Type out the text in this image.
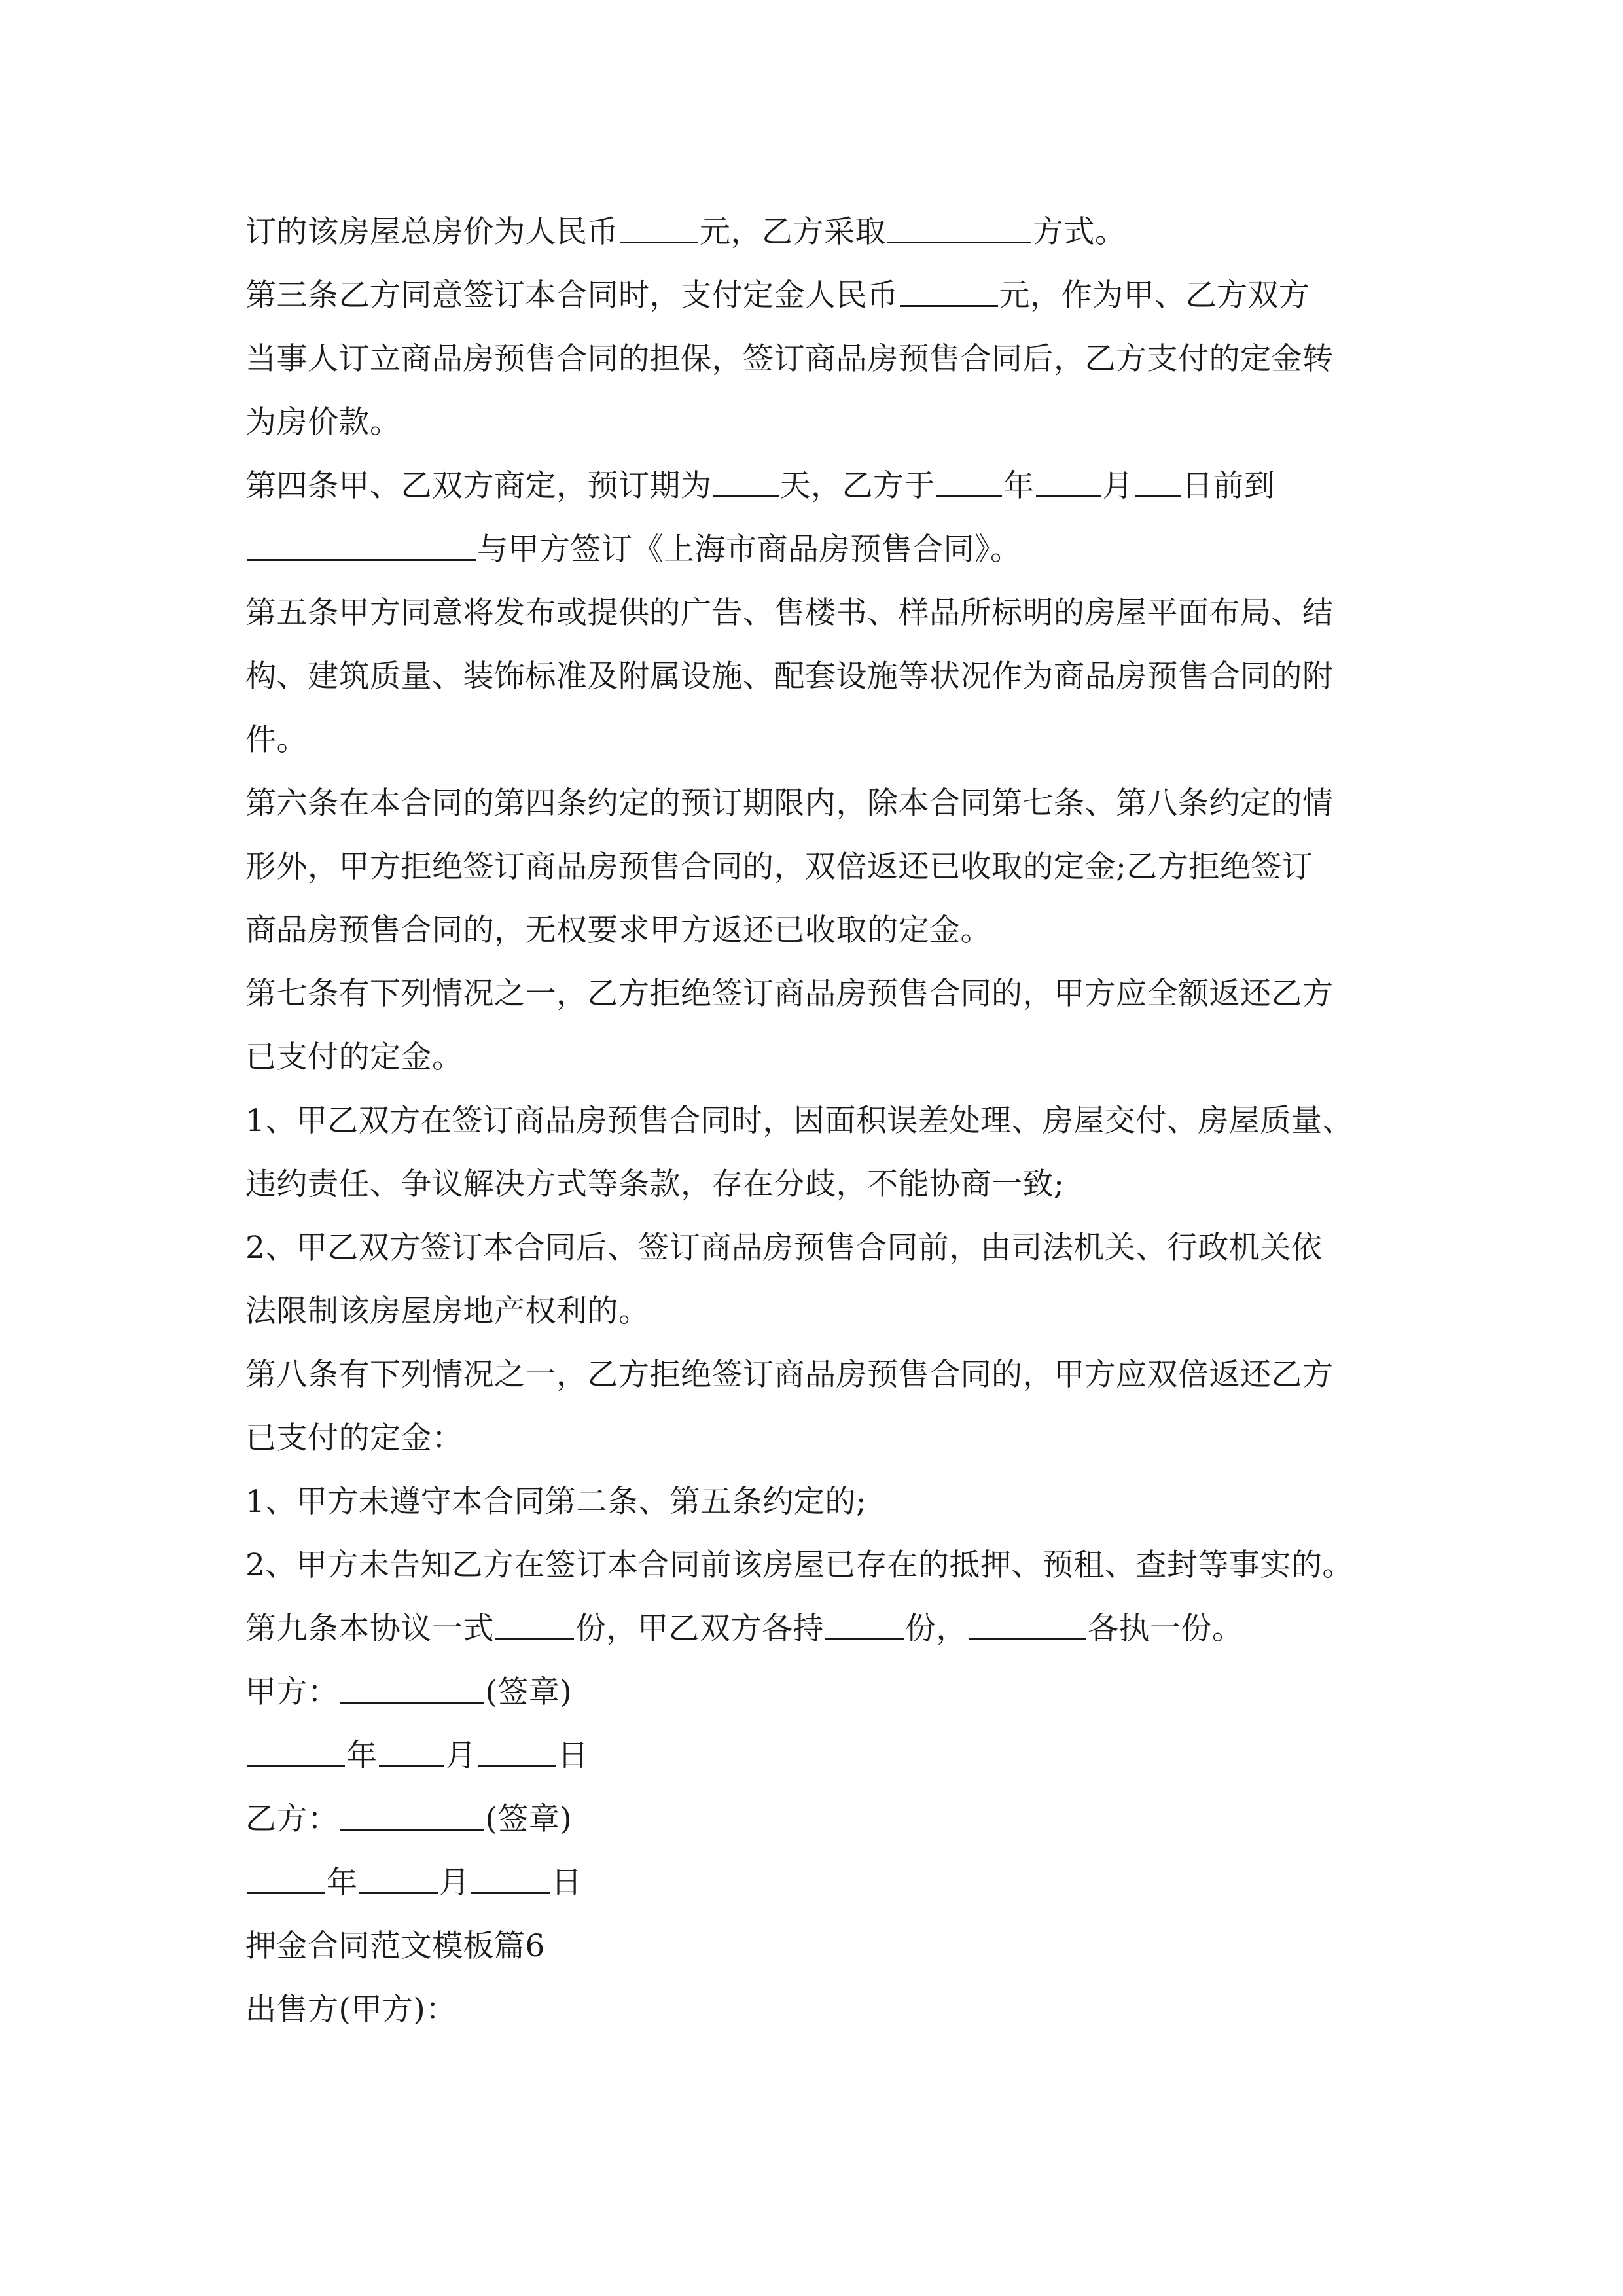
订的该房屋总房价为人民币	元，乙方采取	方式。

第三条乙方同意签订本合同时，支付定金人民币	元，作为甲、乙方双方
当事人订立商品房预售合同的担保，签订商品房预售合同后，乙方支付的定金转
为房价款。

第四条甲、乙双方商定，预订期为 天，乙方于 年 月 日前到
与甲方签订《上海市商品房预售合同》。

第五条甲方同意将发布或提供的广告、售楼书、样品所标明的房屋平面布局、结
构、建筑质量、装饰标准及附属设施、配套设施等状况作为商品房预售合同的附
件。

第六条在本合同的第四条约定的预订期限内，除本合同第七条、第八条约定的情
形外，甲方拒绝签订商品房预售合同的，双倍返还已收取的定金;乙方拒绝签订
商品房预售合同的，无权要求甲方返还已收取的定金。

第七条有下列情况之一，乙方拒绝签订商品房预售合同的，甲方应全额返还乙方
已支付的定金。

1、甲乙双方在签订商品房预售合同时，因面积误差处理、房屋交付、房屋质量、
违约责任、争议解决方式等条款，存在分歧，不能协商一致;

2、甲乙双方签订本合同后、签订商品房预售合同前，由司法机关、行政机关依
法限制该房屋房地产权利的。

第八条有下列情况之一，乙方拒绝签订商品房预售合同的，甲方应双倍返还乙方
已支付的定金：

1、甲方未遵守本合同第二条、第五条约定的;

2、甲方未告知乙方在签订本合同前该房屋已存在的抵押、预租、查封等事实的。

第九条本协议一式	份，甲乙双方各持	份，	各执一份。

甲方：	(签章)

年 月	日

乙方：	(签章)

年	月	日

押金合同范文模板篇6

出售方(甲方)：
